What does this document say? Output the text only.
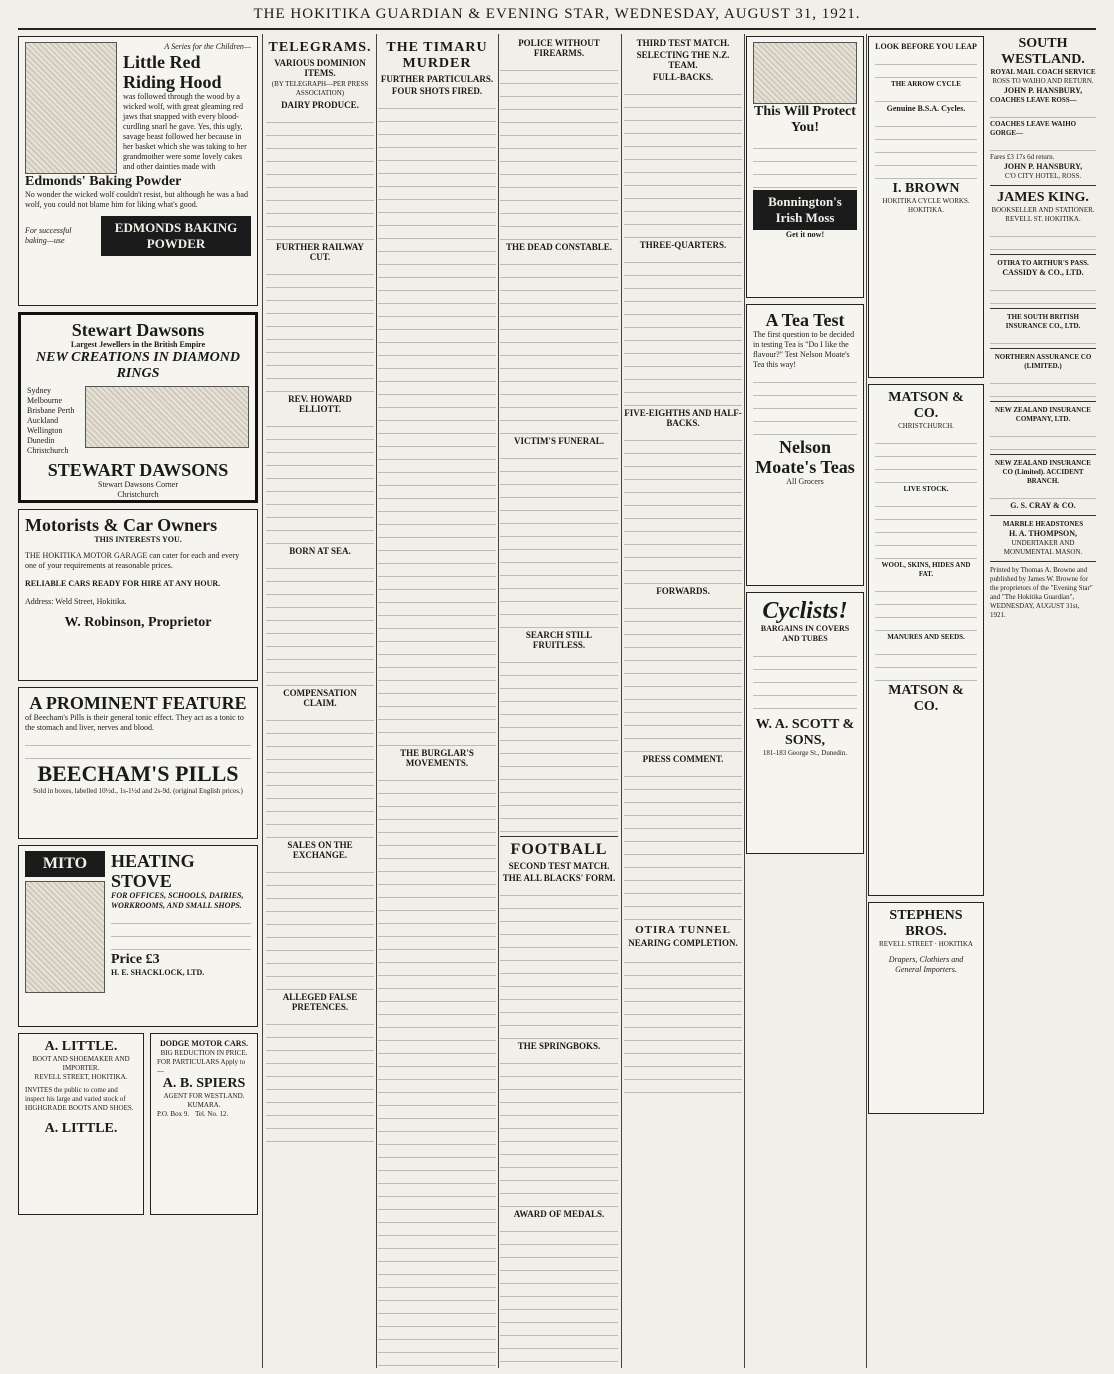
THE HOKITIKA GUARDIAN & EVENING STAR, WEDNESDAY, AUGUST 31, 1921.
A Series for the Children—
Little Red Riding Hood
was followed through the wood by a wicked wolf, with great gleaming red jaws that snapped with every blood-curdling snarl he gave. Yes, this ugly, savage beast followed her because in her basket which she was taking to her grandmother were some lovely cakes and other dainties made with
Edmonds' Baking Powder
No wonder the wicked wolf couldn't resist, but although he was a bad wolf, you could not blame him for liking what's good.
For successful baking—use
EDMONDS BAKING POWDER
Stewart Dawsons
Largest Jewellers in the British Empire
NEW CREATIONS IN DIAMOND RINGS
Sydney Melbourne Brisbane Perth Auckland Wellington Dunedin Christchurch
STEWART DAWSONS
Stewart Dawsons Corner
Christchurch
Motorists & Car Owners
THIS INTERESTS YOU.
THE HOKITIKA MOTOR GARAGE can cater for each and every one of your requirements at reasonable prices.
RELIABLE CARS READY FOR HIRE AT ANY HOUR.
Address: Weld Street, Hokitika.
W. Robinson, Proprietor
A PROMINENT FEATURE
of Beecham's Pills is their general tonic effect. They act as a tonic to the stomach and liver, nerves and blood.
BEECHAM'S PILLS
Sold in boxes, labelled 10½d., 1s-1½d and 2s-9d. (original English prices.)
MITO	HEATING STOVE
FOR OFFICES, SCHOOLS, DAIRIES, WORKROOMS, AND SMALL SHOPS.
Price £3
H. E. SHACKLOCK, LTD.
A. LITTLE.
BOOT AND SHOEMAKER AND IMPORTER.
REVELL STREET, HOKITIKA.
INVITES the public to come and inspect his large and varied stock of HIGHGRADE BOOTS AND SHOES.
A. LITTLE.
DODGE MOTOR CARS.
BIG REDUCTION IN PRICE.
FOR PARTICULARS Apply to—
A. B. SPIERS
AGENT FOR WESTLAND.
KUMARA.
P.O. Box 9. Tel. No. 12.
TELEGRAMS.
VARIOUS DOMINION ITEMS.
(BY TELEGRAPH—PER PRESS ASSOCIATION)
DAIRY PRODUCE.
FURTHER RAILWAY CUT.
REV. HOWARD ELLIOTT.
BORN AT SEA.
COMPENSATION CLAIM.
SALES ON THE EXCHANGE.
ALLEGED FALSE PRETENCES.
THE TIMARU MURDER
FURTHER PARTICULARS.
FOUR SHOTS FIRED.
THE BURGLAR'S MOVEMENTS.
POLICE WITHOUT FIREARMS.
THE DEAD CONSTABLE.
VICTIM'S FUNERAL.
SEARCH STILL FRUITLESS.
FOOTBALL
SECOND TEST MATCH.
THE ALL BLACKS' FORM.
THE SPRINGBOKS.
AWARD OF MEDALS.
THIRD TEST MATCH.
SELECTING THE N.Z. TEAM.
FULL-BACKS.
THREE-QUARTERS.
FIVE-EIGHTHS AND HALF-BACKS.
FORWARDS.
PRESS COMMENT.
OTIRA TUNNEL
NEARING COMPLETION.
This Will Protect You!
Bonnington's Irish Moss
Get it now!
A Tea Test
The first question to be decided in testing Tea is "Do I like the flavour?" Test Nelson Moate's Tea this way!
Nelson Moate's Teas
All Grocers
Cyclists!
BARGAINS IN COVERS AND TUBES
W. A. SCOTT & SONS,
181-183 George St., Dunedin.
LOOK BEFORE YOU LEAP
THE ARROW CYCLE
Genuine B.S.A. Cycles.
I. BROWN
HOKITIKA CYCLE WORKS. HOKITIKA.
MATSON & CO.
CHRISTCHURCH.
LIVE STOCK.
WOOL, SKINS, HIDES AND FAT.
MANURES AND SEEDS.
MATSON & CO.
STEPHENS BROS.
REVELL STREET · HOKITIKA
Drapers, Clothiers and General Importers.
SOUTH WESTLAND.
ROYAL MAIL COACH SERVICE
ROSS TO WAIHO AND RETURN.
JOHN P. HANSBURY,
COACHES LEAVE ROSS—
COACHES LEAVE WAIHO GORGE—
Fares £3 17s 6d return.
JOHN P. HANSBURY,
C'O CITY HOTEL, ROSS.
JAMES KING.
BOOKSELLER AND STATIONER. REVELL ST. HOKITIKA.
OTIRA TO ARTHUR'S PASS.
CASSIDY & CO., LTD.
THE SOUTH BRITISH INSURANCE CO., LTD.
NORTHERN ASSURANCE CO (LIMITED.)
NEW ZEALAND INSURANCE COMPANY, LTD.
NEW ZEALAND INSURANCE CO (Limited). ACCIDENT BRANCH.
G. S. CRAY & CO.
MARBLE HEADSTONES
H. A. THOMPSON,
UNDERTAKER AND MONUMENTAL MASON.
Printed by Thomas A. Browne and published by James W. Browne for the proprietors of the "Evening Star" and "The Hokitika Guardian", WEDNESDAY, AUGUST 31st, 1921.
